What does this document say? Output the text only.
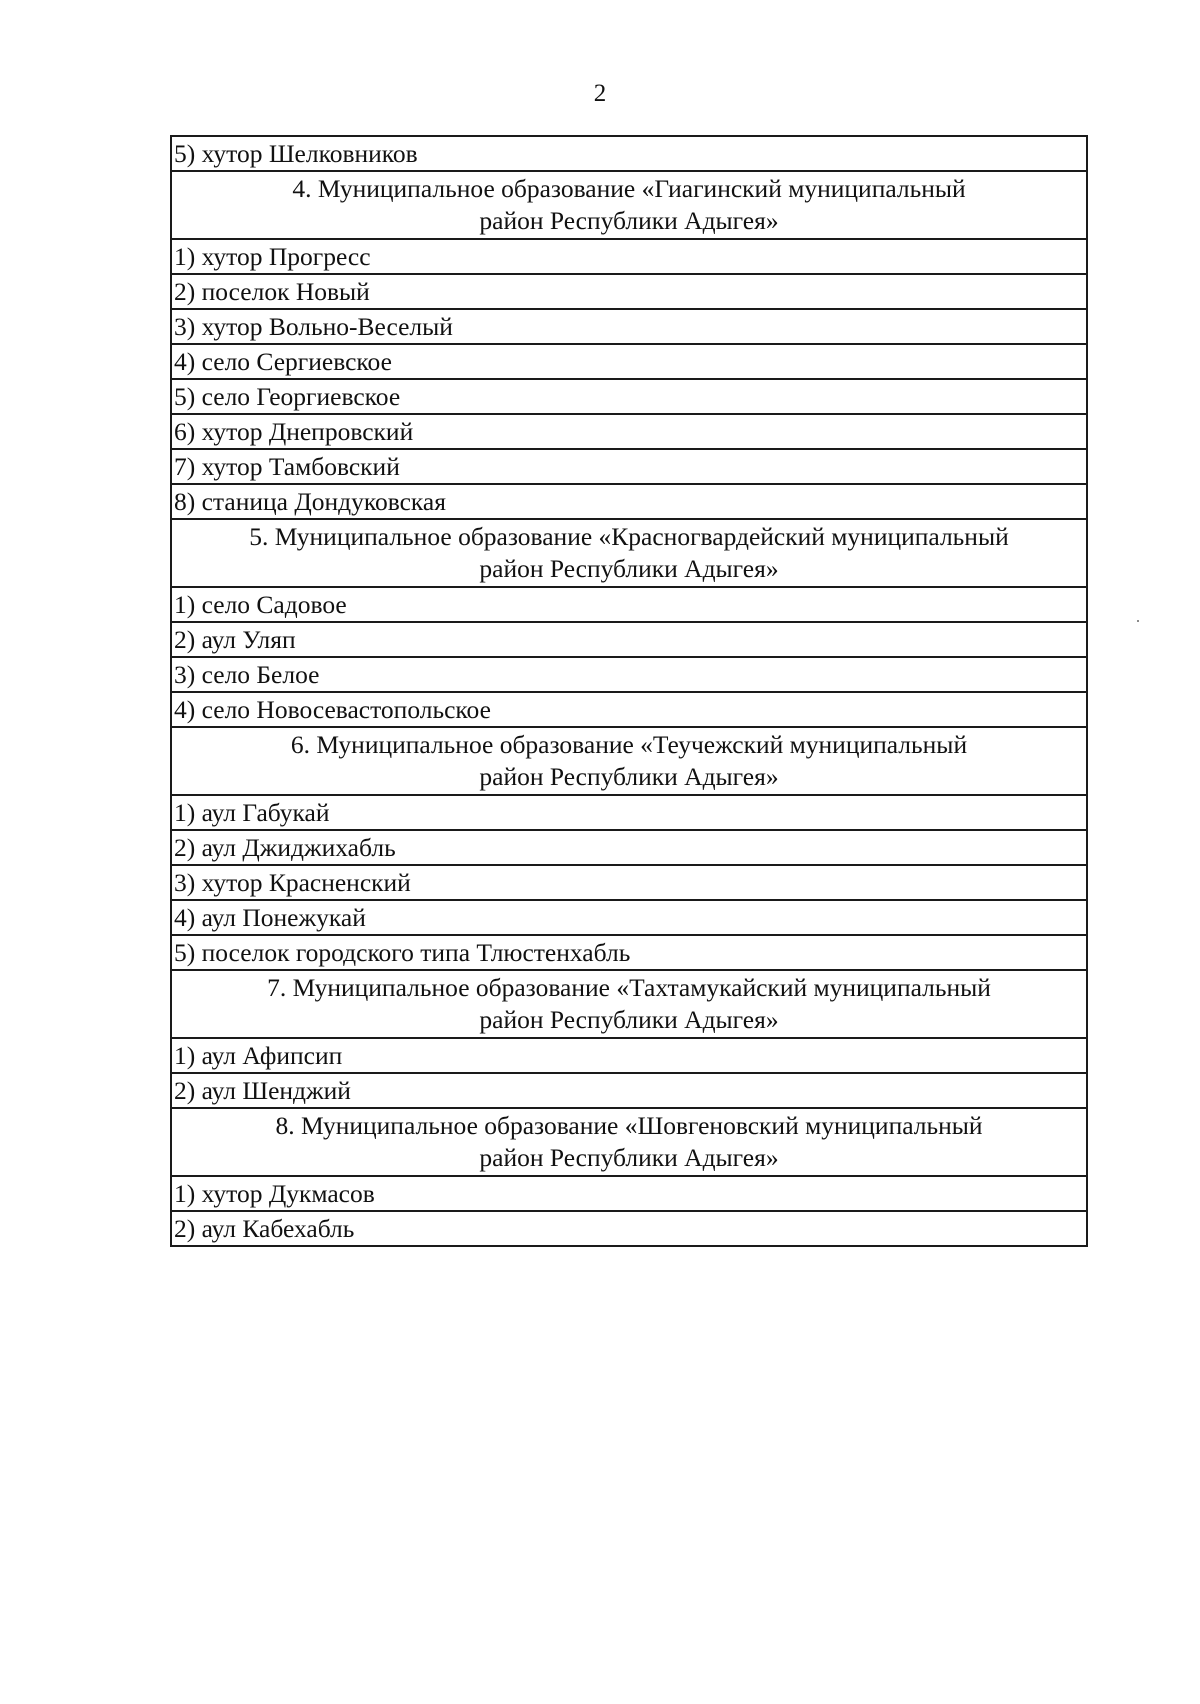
2
5) хутор Шелковников

4. Муниципальное образование «Гиагинский муниципальный
район Республики Адыгея»

1) хутор Прогресс
2) поселок Новый
3) хутор Вольно-Веселый
4) село Сергиевское
5) село Георгиевское
6) хутор Днепровский
7) хутор Тамбовский
8) станица Дондуковская

5. Муниципальное образование «Красногвардейский муниципальный
район Республики Адыгея»

1) село Садовое
2) аул Уляп
3) село Белое
4) село Новосевастопольское

6. Муниципальное образование «Теучежский муниципальный
район Республики Адыгея»

1) аул Габукай
2) аул Джиджихабль
3) хутор Красненский
4) аул Понежукай
5) поселок городского типа Тлюстенхабль

7. Муниципальное образование «Тахтамукайский муниципальный
район Республики Адыгея»

1) аул Афипсип
2) аул Шенджий

8. Муниципальное образование «Шовгеновский муниципальный
район Республики Адыгея»

1) хутор Дукмасов
2) аул Кабехабль
